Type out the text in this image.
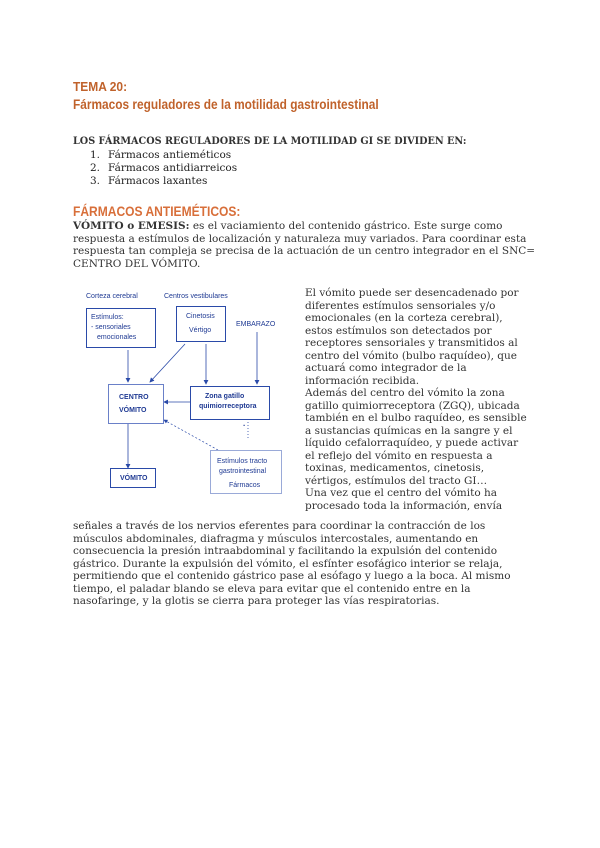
TEMA 20:
Fármacos reguladores de la motilidad gastrointestinal
LOS FÁRMACOS REGULADORES DE LA MOTILIDAD GI SE DIVIDEN EN:
1. Fármacos antieméticos
2. Fármacos antidiarreicos
3. Fármacos laxantes
FÁRMACOS ANTIEMÉTICOS:
VÓMITO o EMESIS: es el vaciamiento del contenido gástrico. Este surge como
respuesta a estímulos de localización y naturaleza muy variados. Para coordinar esta
respuesta tan compleja se precisa de la actuación de un centro integrador en el SNC=
CENTRO DEL VÓMITO.
Corteza cerebral	Centros vestibulares
Estímulos:
- sensoriales
emocionales
Cinetosis
Vértigo
EMBARAZO
CENTRO
VÓMITO
Zona gatillo
quimiorreceptora
.
Estímulos tracto
gastrointestinal
Fármacos
VÓMITO
El vómito puede ser desencadenado por
diferentes estímulos sensoriales y/o
emocionales (en la corteza cerebral),
estos estímulos son detectados por
receptores sensoriales y transmitidos al
centro del vómito (bulbo raquídeo), que
actuará como integrador de la
información recibida.
Además del centro del vómito la zona
gatillo quimiorreceptora (ZGQ), ubicada
también en el bulbo raquídeo, es sensible
a sustancias químicas en la sangre y el
líquido cefalorraquídeo, y puede activar
el reflejo del vómito en respuesta a
toxinas, medicamentos, cinetosis,
vértigos, estímulos del tracto GI…
Una vez que el centro del vómito ha
procesado toda la información, envía
señales a través de los nervios eferentes para coordinar la contracción de los
músculos abdominales, diafragma y músculos intercostales, aumentando en
consecuencia la presión intraabdominal y facilitando la expulsión del contenido
gástrico. Durante la expulsión del vómito, el esfínter esofágico interior se relaja,
permitiendo que el contenido gástrico pase al esófago y luego a la boca. Al mismo
tiempo, el paladar blando se eleva para evitar que el contenido entre en la
nasofaringe, y la glotis se cierra para proteger las vías respiratorias.
